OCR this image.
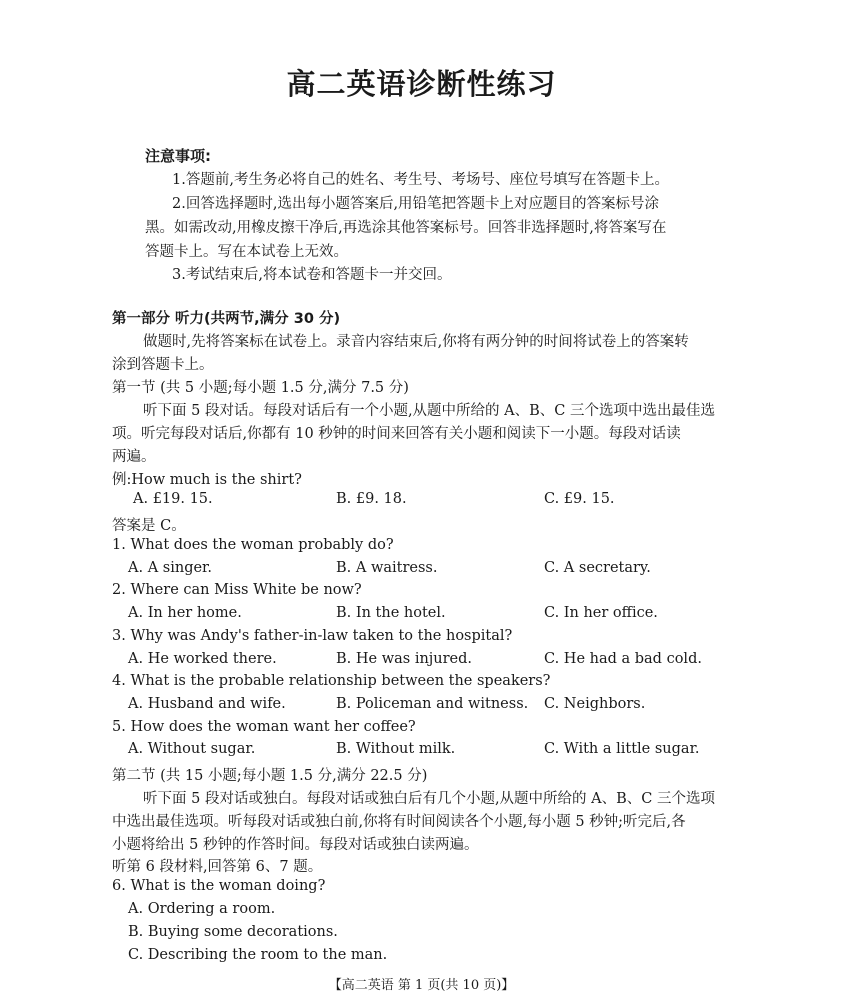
高二英语诊断性练习
注意事项:
1.答题前,考生务必将自己的姓名、考生号、考场号、座位号填写在答题卡上。
2.回答选择题时,选出每小题答案后,用铅笔把答题卡上对应题目的答案标号涂
黑。如需改动,用橡皮擦干净后,再选涂其他答案标号。回答非选择题时,将答案写在
答题卡上。写在本试卷上无效。
3.考试结束后,将本试卷和答题卡一并交回。
第一部分 听力(共两节,满分 30 分)
做题时,先将答案标在试卷上。录音内容结束后,你将有两分钟的时间将试卷上的答案转
涂到答题卡上。
第一节 (共 5 小题;每小题 1.5 分,满分 7.5 分)
听下面 5 段对话。每段对话后有一个小题,从题中所给的 A、B、C 三个选项中选出最佳选
项。听完每段对话后,你都有 10 秒钟的时间来回答有关小题和阅读下一小题。每段对话读
两遍。
例:How much is the shirt?
A. £19. 15.	B. £9. 18.	C. £9. 15.
答案是 C。
1. What does the woman probably do?
A. A singer.	B. A waitress.	C. A secretary.
2. Where can Miss White be now?
A. In her home.	B. In the hotel.	C. In her office.
3. Why was Andy's father-in-law taken to the hospital?
A. He worked there.	B. He was injured.	C. He had a bad cold.
4. What is the probable relationship between the speakers?
A. Husband and wife.	B. Policeman and witness. C. Neighbors.
5. How does the woman want her coffee?
A. Without sugar.	B. Without milk.	C. With a little sugar.
第二节 (共 15 小题;每小题 1.5 分,满分 22.5 分)
听下面 5 段对话或独白。每段对话或独白后有几个小题,从题中所给的 A、B、C 三个选项
中选出最佳选项。听每段对话或独白前,你将有时间阅读各个小题,每小题 5 秒钟;听完后,各
小题将给出 5 秒钟的作答时间。每段对话或独白读两遍。
听第 6 段材料,回答第 6、7 题。
6. What is the woman doing?
A. Ordering a room.
B. Buying some decorations.
C. Describing the room to the man.
【高二英语 第 1 页(共 10 页)】
